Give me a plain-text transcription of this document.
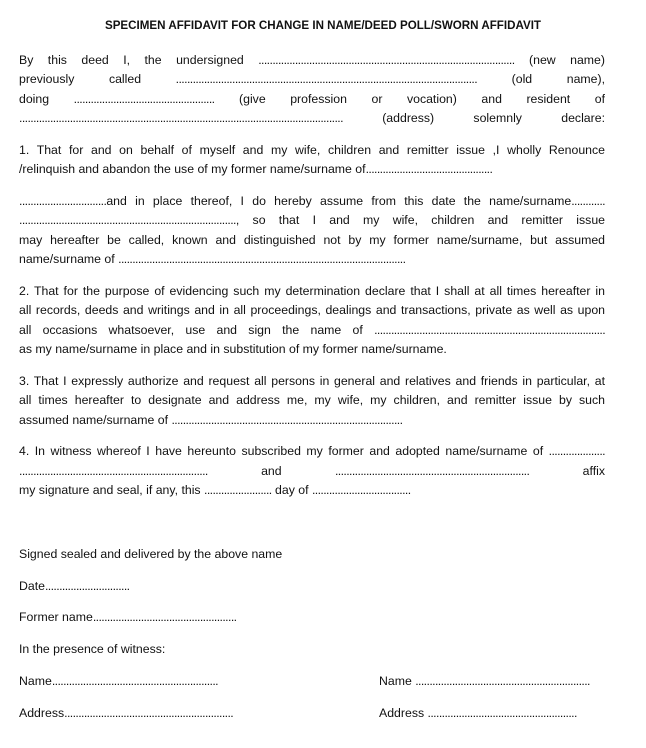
SPECIMEN AFFIDAVIT FOR CHANGE IN NAME/DEED POLL/SWORN AFFIDAVIT
By this deed I, the undersigned ........................................................................................... (new name)
previously called	...........................................................................................................	(old name),
doing .................................................. (give profession or vocation) and resident of
...................................................................................................................	(address) solemnly declare:
1. That for and on behalf of myself and my wife, children and remitter issue ,I wholly Renounce
/relinquish and abandon the use of my former name/surname of.............................................
...............................and in place thereof, I do hereby assume from this date the name/surname............
............................................................................., so that I and my wife, children and remitter issue
may hereafter be called, known and distinguished not by my former name/surname, but assumed
name/surname of ......................................................................................................
2. That for the purpose of evidencing such my determination declare that I shall at all times hereafter in
all records, deeds and writings and in all proceedings, dealings and transactions, private as well as upon
all occasions whatsoever, use and sign the name of ..................................................................................
as my name/surname in place and in substitution of my former name/surname.
3. That I expressly authorize and request all persons in general and relatives and friends in particular, at
all times hereafter to designate and address me, my wife, my children, and remitter issue by such
assumed name/surname of ..................................................................................
4. In witness whereof I have hereunto subscribed my former and adopted name/surname of ....................
...................................................................	and	.....................................................................	affix
my signature and seal, if any, this ........................ day of ...................................
Signed sealed and delivered by the above name
Date..............................
Former name...................................................
In the presence of witness:
Name...........................................................	Name ..............................................................
Address............................................................	Address .....................................................
